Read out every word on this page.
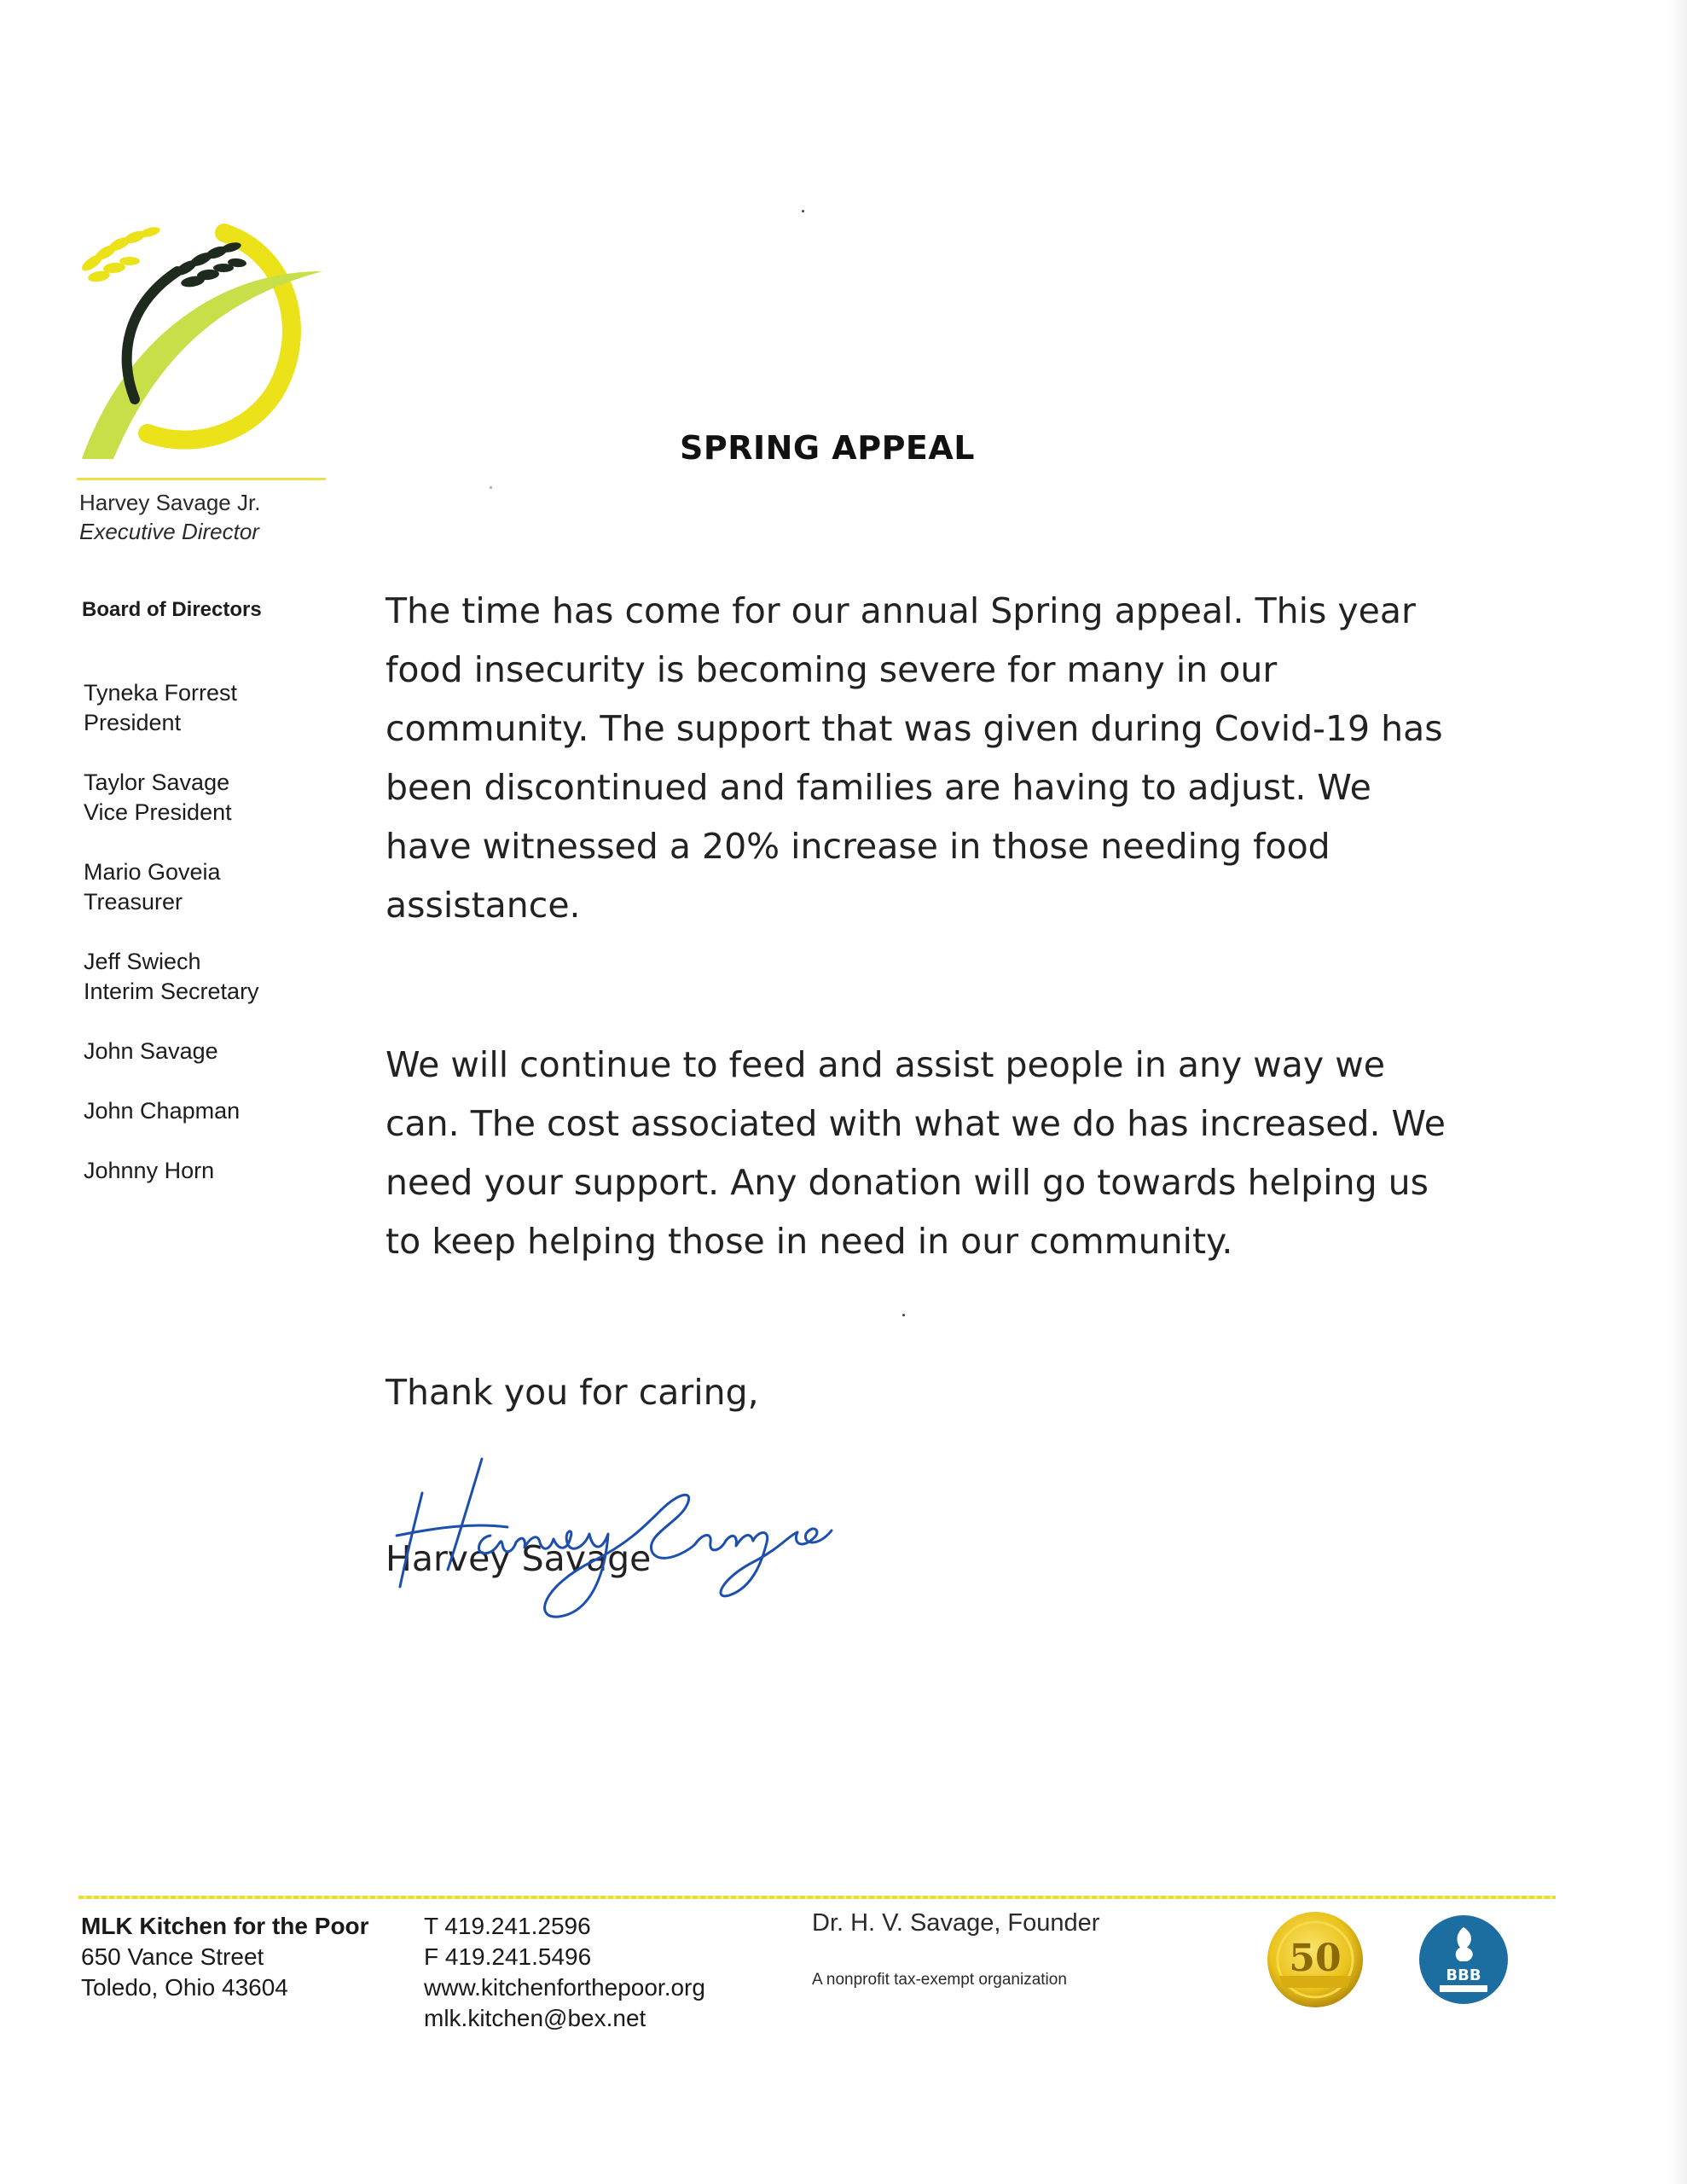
Harvey Savage Jr.
Executive Director
Board of Directors
Tyneka Forrest
President
Taylor Savage
Vice President
Mario Goveia
Treasurer
Jeff Swiech
Interim Secretary
John Savage
John Chapman
Johnny Horn
SPRING APPEAL
The time has come for our annual Spring appeal. This year
food insecurity is becoming severe for many in our
community. The support that was given during Covid-19 has
been discontinued and families are having to adjust. We
have witnessed a 20% increase in those needing food
assistance.
We will continue to feed and assist people in any way we
can. The cost associated with what we do has increased. We
need your support. Any donation will go towards helping us
to keep helping those in need in our community.
Thank you for caring,
Harvey Savage
MLK Kitchen for the Poor
650 Vance Street
Toledo, Ohio 43604
T 419.241.2596
F 419.241.5496
www.kitchenforthepoor.org
mlk.kitchen@bex.net
Dr. H. V. Savage, Founder
A nonprofit tax-exempt organization	50	BBB
